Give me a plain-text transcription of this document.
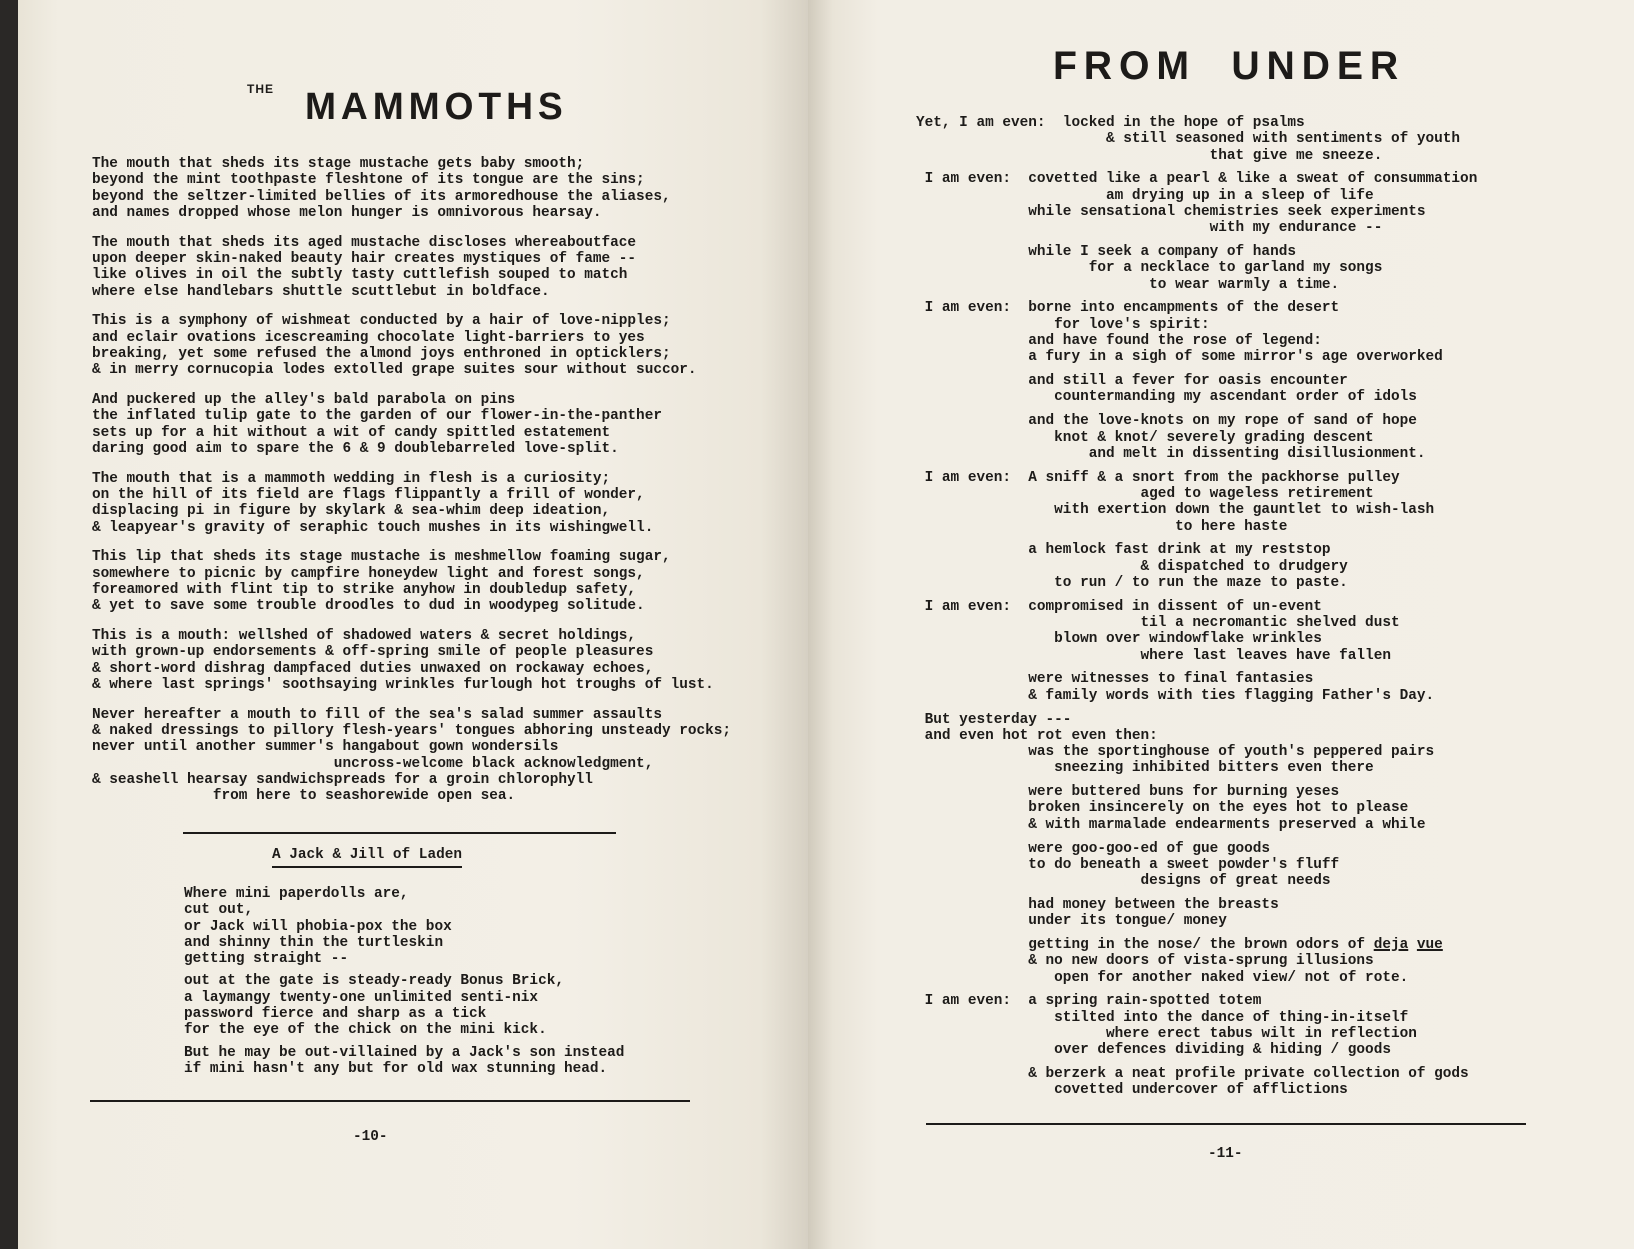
THE MAMMOTHS
The mouth that sheds its stage mustache gets baby smooth;
beyond the mint toothpaste fleshtone of its tongue are the sins;
beyond the seltzer-limited bellies of its armoredhouse the aliases,
and names dropped whose melon hunger is omnivorous hearsay.
The mouth that sheds its aged mustache discloses whereaboutface
upon deeper skin-naked beauty hair creates mystiques of fame --
like olives in oil the subtly tasty cuttlefish souped to match
where else handlebars shuttle scuttlebut in boldface.
This is a symphony of wishmeat conducted by a hair of love-nipples;
and eclair ovations icescreaming chocolate light-barriers to yes
breaking, yet some refused the almond joys enthroned in opticklers;
& in merry cornucopia lodes extolled grape suites sour without succor.
And puckered up the alley's bald parabola on pins
the inflated tulip gate to the garden of our flower-in-the-panther
sets up for a hit without a wit of candy spittled estatement
daring good aim to spare the 6 & 9 doublebarreled love-split.
The mouth that is a mammoth wedding in flesh is a curiosity;
on the hill of its field are flags flippantly a frill of wonder,
displacing pi in figure by skylark & sea-whim deep ideation,
& leapyear's gravity of seraphic touch mushes in its wishingwell.
This lip that sheds its stage mustache is meshmellow foaming sugar,
somewhere to picnic by campfire honeydew light and forest songs,
foreamored with flint tip to strike anyhow in doubledup safety,
& yet to save some trouble droodles to dud in woodypeg solitude.
This is a mouth: wellshed of shadowed waters & secret holdings,
with grown-up endorsements & off-spring smile of people pleasures
& short-word dishrag dampfaced duties unwaxed on rockaway echoes,
& where last springs' soothsaying wrinkles furlough hot troughs of lust.
Never hereafter a mouth to fill of the sea's salad summer assaults
& naked dressings to pillory flesh-years' tongues abhoring unsteady rocks;
never until another summer's hangabout gown wondersils
uncross-welcome black acknowledgment,
& seashell hearsay sandwichspreads for a groin chlorophyll
from here to seashorewide open sea.
A Jack & Jill of Laden
Where mini paperdolls are,
cut out,
or Jack will phobia-pox the box
and shinny thin the turtleskin
getting straight --
out at the gate is steady-ready Bonus Brick,
a laymangy twenty-one unlimited senti-nix
password fierce and sharp as a tick
for the eye of the chick on the mini kick.
But he may be out-villained by a Jack's son instead
if mini hasn't any but for old wax stunning head.
-10-
FROM  UNDER
Yet, I am even:  locked in the hope of psalms
& still seasoned with sentiments of youth
that give me sneeze.
I am even:  covetted like a pearl & like a sweat of consummation
am drying up in a sleep of life
while sensational chemistries seek experiments
with my endurance --
while I seek a company of hands
for a necklace to garland my songs
to wear warmly a time.
I am even:  borne into encampments of the desert
for love's spirit:
and have found the rose of legend:
a fury in a sigh of some mirror's age overworked
and still a fever for oasis encounter
countermanding my ascendant order of idols
and the love-knots on my rope of sand of hope
knot & knot/ severely grading descent
and melt in dissenting disillusionment.
I am even:  A sniff & a snort from the packhorse pulley
aged to wageless retirement
with exertion down the gauntlet to wish-lash
to here haste
a hemlock fast drink at my reststop
& dispatched to drudgery
to run / to run the maze to paste.
I am even:  compromised in dissent of un-event
til a necromantic shelved dust
blown over windowflake wrinkles
where last leaves have fallen
were witnesses to final fantasies
& family words with ties flagging Father's Day.
But yesterday ---
and even hot rot even then:
was the sportinghouse of youth's peppered pairs
sneezing inhibited bitters even there
were buttered buns for burning yeses
broken insincerely on the eyes hot to please
& with marmalade endearments preserved a while
were goo-goo-ed of gue goods
to do beneath a sweet powder's fluff
designs of great needs
had money between the breasts
under its tongue/ money
getting in the nose/ the brown odors of deja vue
& no new doors of vista-sprung illusions
open for another naked view/ not of rote.
I am even:  a spring rain-spotted totem
stilted into the dance of thing-in-itself
where erect tabus wilt in reflection
over defences dividing & hiding / goods
& berzerk a neat profile private collection of gods
covetted undercover of afflictions
-11-
